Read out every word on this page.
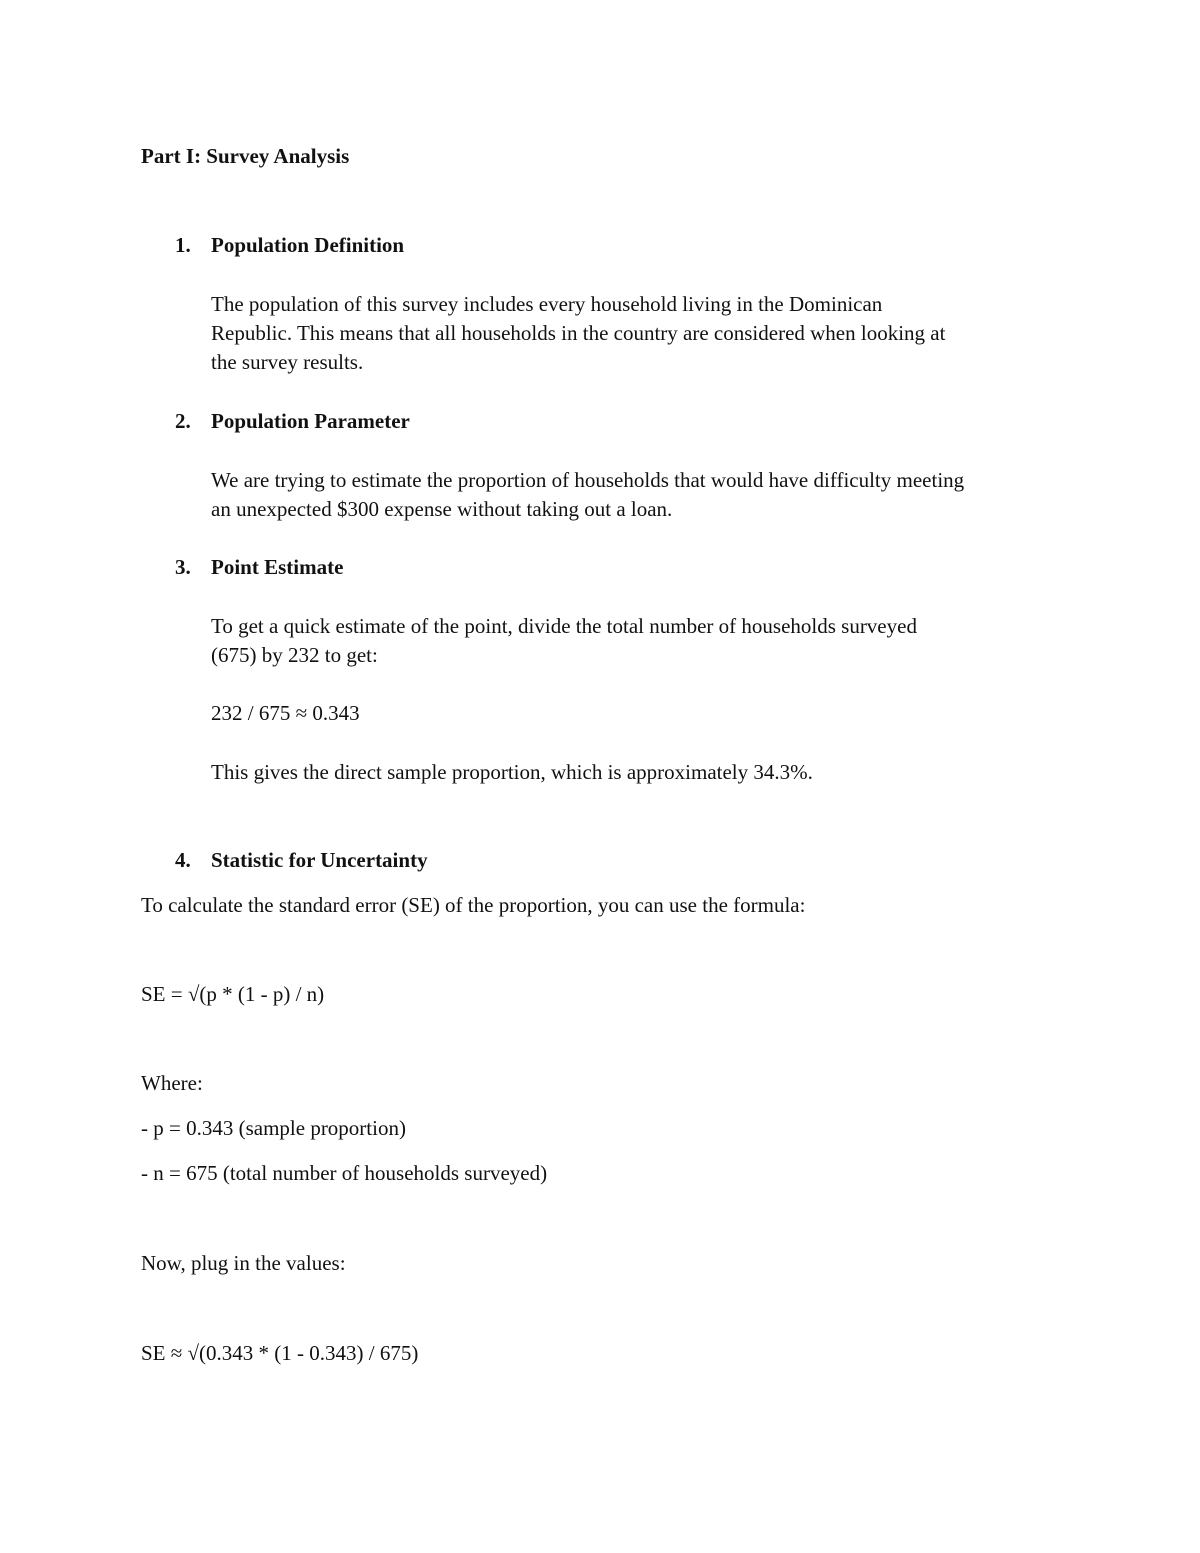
Part I: Survey Analysis
1. Population Definition
The population of this survey includes every household living in the Dominican
Republic. This means that all households in the country are considered when looking at
the survey results.
2. Population Parameter
We are trying to estimate the proportion of households that would have difficulty meeting
an unexpected $300 expense without taking out a loan.
3. Point Estimate
To get a quick estimate of the point, divide the total number of households surveyed
(675) by 232 to get:
232 / 675 ≈ 0.343
This gives the direct sample proportion, which is approximately 34.3%.
4. Statistic for Uncertainty
To calculate the standard error (SE) of the proportion, you can use the formula:
SE = √(p * (1 - p) / n)
Where:
- p = 0.343 (sample proportion)
- n = 675 (total number of households surveyed)
Now, plug in the values:
SE ≈ √(0.343 * (1 - 0.343) / 675)
